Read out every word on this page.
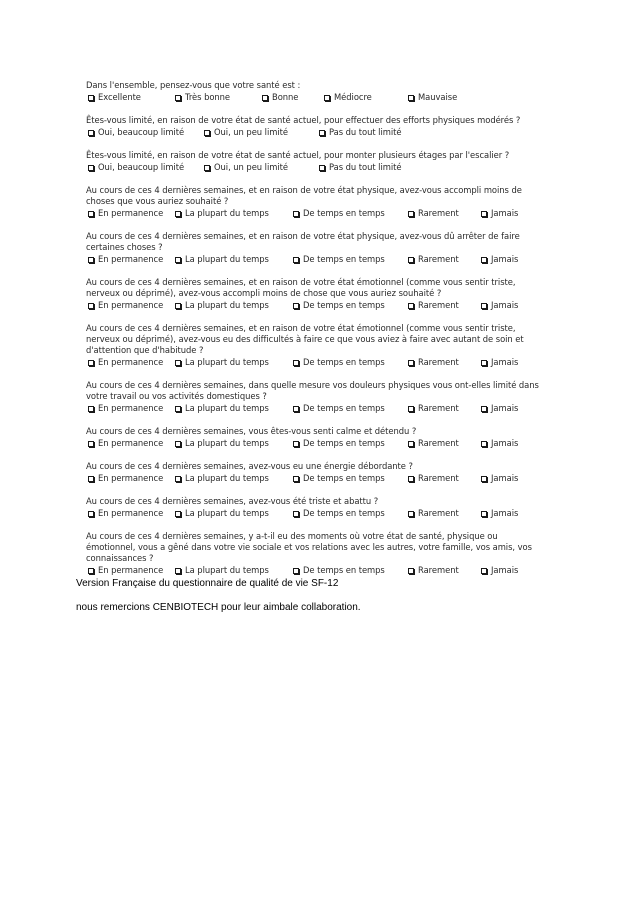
Dans l'ensemble, pensez-vous que votre santé est :
Excellente	Très bonne	Bonne	Médiocre	Mauvaise
Êtes-vous limité, en raison de votre état de santé actuel, pour effectuer des efforts physiques modérés ?
Oui, beaucoup limité	Oui, un peu limité	Pas du tout limité
Êtes-vous limité, en raison de votre état de santé actuel, pour monter plusieurs étages par l'escalier ?
Oui, beaucoup limité	Oui, un peu limité	Pas du tout limité
Au cours de ces 4 dernières semaines, et en raison de votre état physique, avez-vous accompli moins de choses que vous auriez souhaité ?
En permanence	La plupart du temps	De temps en temps	Rarement	Jamais
Au cours de ces 4 dernières semaines, et en raison de votre état physique, avez-vous dû arrêter de faire certaines choses ?
En permanence	La plupart du temps	De temps en temps	Rarement	Jamais
Au cours de ces 4 dernières semaines, et en raison de votre état émotionnel (comme vous sentir triste, nerveux ou déprimé), avez-vous accompli moins de chose que vous auriez souhaité ?
En permanence	La plupart du temps	De temps en temps	Rarement	Jamais
Au cours de ces 4 dernières semaines, et en raison de votre état émotionnel (comme vous sentir triste, nerveux ou déprimé), avez-vous eu des difficultés à faire ce que vous aviez à faire avec autant de soin et d'attention que d'habitude ?
En permanence	La plupart du temps	De temps en temps	Rarement	Jamais
Au cours de ces 4 dernières semaines, dans quelle mesure vos douleurs physiques vous ont-elles limité dans votre travail ou vos activités domestiques ?
En permanence	La plupart du temps	De temps en temps	Rarement	Jamais
Au cours de ces 4 dernières semaines, vous êtes-vous senti calme et détendu ?
En permanence	La plupart du temps	De temps en temps	Rarement	Jamais
Au cours de ces 4 dernières semaines, avez-vous eu une énergie débordante ?
En permanence	La plupart du temps	De temps en temps	Rarement	Jamais
Au cours de ces 4 dernières semaines, avez-vous été triste et abattu ?
En permanence	La plupart du temps	De temps en temps	Rarement	Jamais
Au cours de ces 4 dernières semaines, y a-t-il eu des moments où votre état de santé, physique ou émotionnel, vous a gêné dans votre vie sociale et vos relations avec les autres, votre famille, vos amis, vos connaissances ?
En permanence	La plupart du temps	De temps en temps	Rarement	Jamais
Version Française du questionnaire de qualité de vie SF-12
nous remercions CENBIOTECH pour leur aimbale collaboration.
